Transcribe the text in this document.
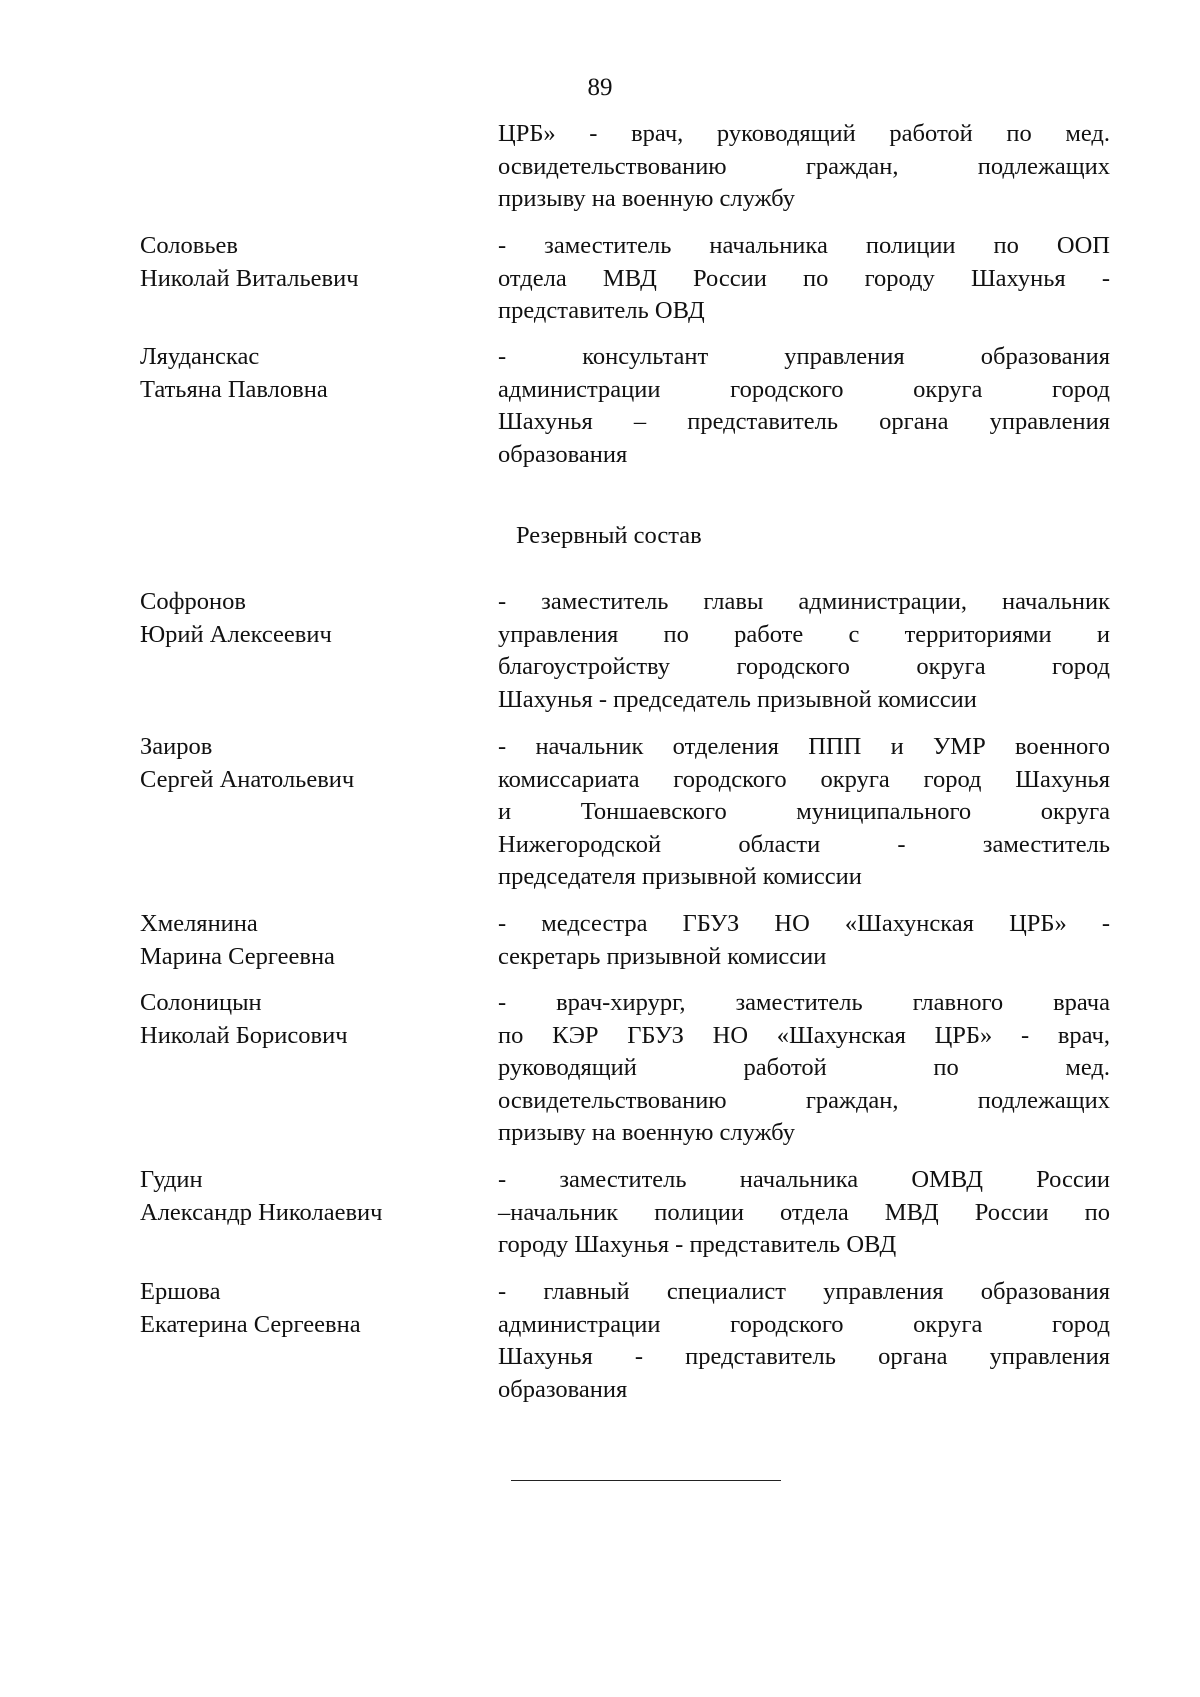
89
ЦРБ» - врач, руководящий работой по мед.
освидетельствованию граждан, подлежащих
призыву на военную службу
Соловьев
Николай Витальевич
- заместитель начальника полиции по ООП
отдела МВД России по городу Шахунья -
представитель ОВД
Ляуданскас
Татьяна Павловна
- консультант управления образования
администрации городского округа город
Шахунья – представитель органа управления
образования
Резервный состав
Софронов
Юрий Алексеевич
- заместитель главы администрации, начальник
управления по работе с территориями и
благоустройству городского округа город
Шахунья - председатель призывной комиссии
Заиров
Сергей Анатольевич
- начальник отделения ППП и УМР военного
комиссариата городского округа город Шахунья
и Тоншаевского муниципального округа
Нижегородской области - заместитель
председателя призывной комиссии
Хмелянина
Марина Сергеевна
- медсестра ГБУЗ НО «Шахунская ЦРБ» -
секретарь призывной комиссии
Солоницын
Николай Борисович
- врач-хирург, заместитель главного врача
по КЭР ГБУЗ НО «Шахунская ЦРБ» - врач,
руководящий работой по мед.
освидетельствованию граждан, подлежащих
призыву на военную службу
Гудин
Александр Николаевич
- заместитель начальника ОМВД России
–начальник полиции отдела МВД России по
городу Шахунья - представитель ОВД
Ершова
Екатерина Сергеевна
- главный специалист управления образования
администрации городского округа город
Шахунья - представитель органа управления
образования
